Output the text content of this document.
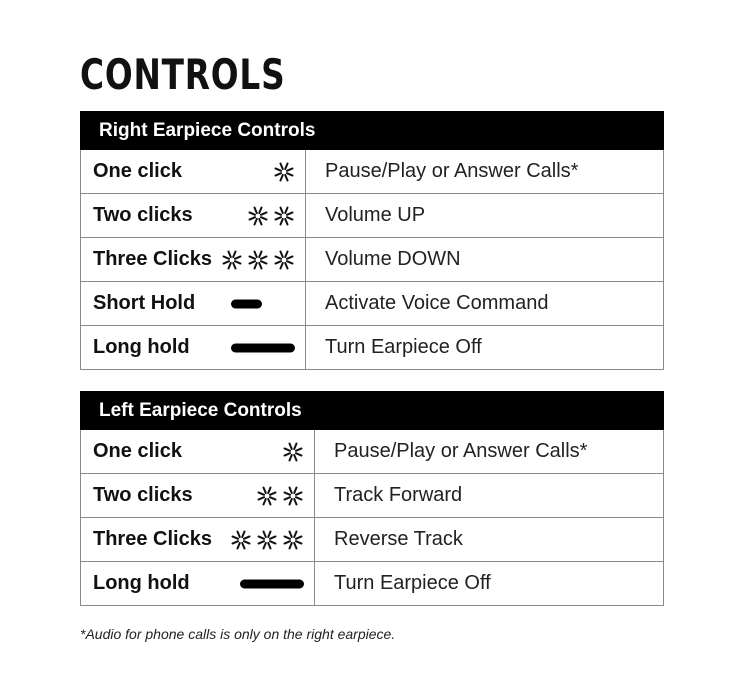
CONTROLS
Right Earpiece Controls	

One click	Pause/Play or Answer Calls*

Two clicks	Volume UP

Three Clicks	Volume DOWN

Short Hold	Activate Voice Command

Long hold	Turn Earpiece Off
Left Earpiece Controls	

One click	Pause/Play or Answer Calls*

Two clicks	Track Forward

Three Clicks	Reverse Track

Long hold	Turn Earpiece Off

*Audio for phone calls is only on the right earpiece.
